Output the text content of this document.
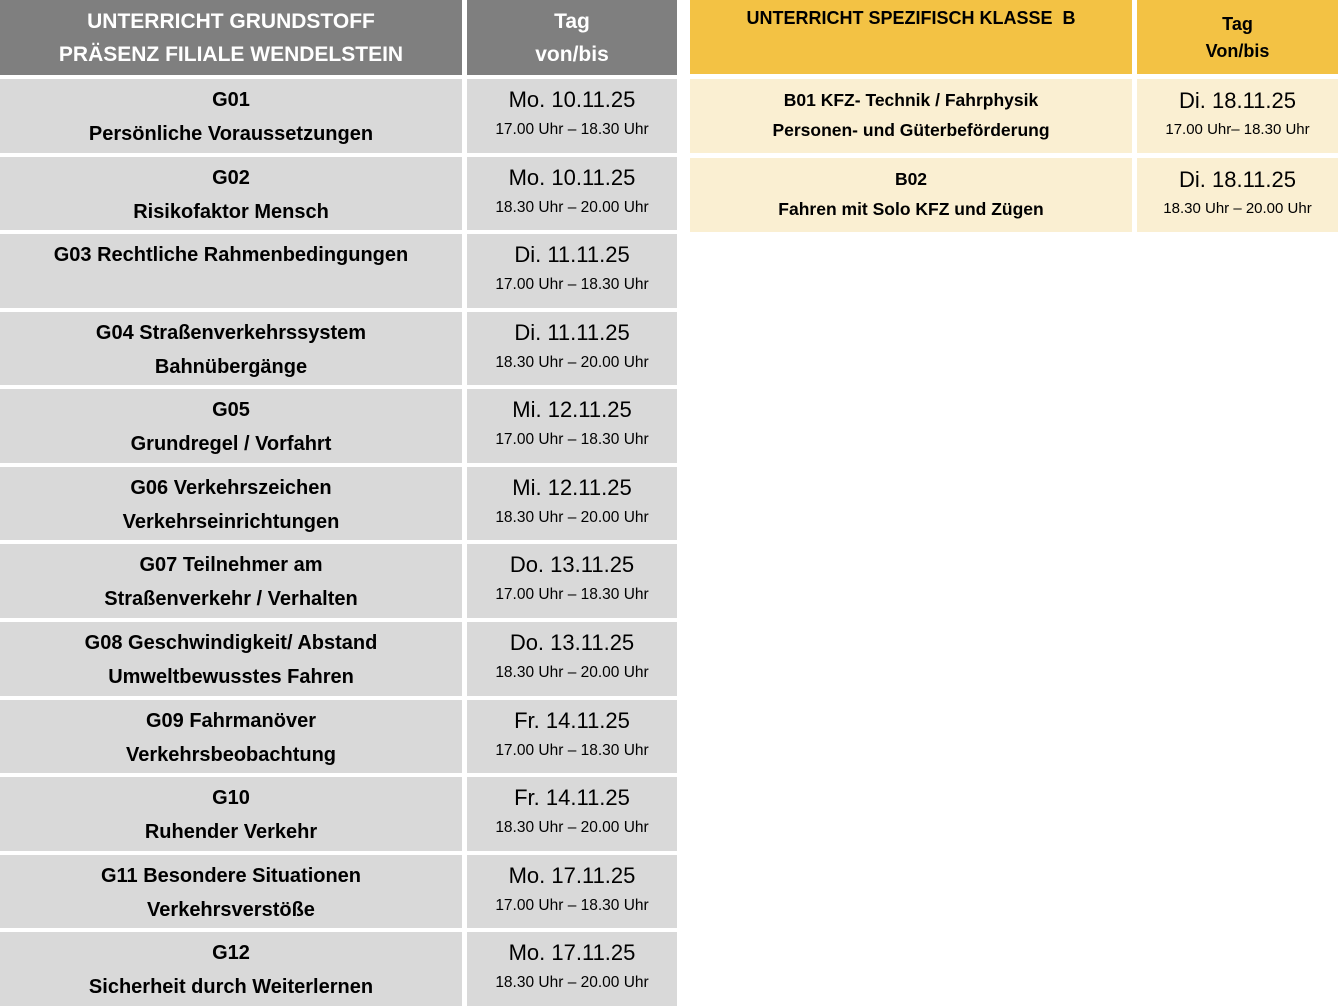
UNTERRICHT GRUNDSTOFF
PRÄSENZ FILIALE WENDELSTEIN
Tag
von/bis
G01
Persönliche Voraussetzungen
Mo. 10.11.25
17.00 Uhr – 18.30 Uhr
G02
Risikofaktor Mensch
Mo. 10.11.25
18.30 Uhr – 20.00 Uhr
G03 Rechtliche Rahmenbedingungen	Di. 11.11.25
17.00 Uhr – 18.30 Uhr
G04 Straßenverkehrssystem
Bahnübergänge
Di. 11.11.25
18.30 Uhr – 20.00 Uhr
G05
Grundregel / Vorfahrt
Mi. 12.11.25
17.00 Uhr – 18.30 Uhr
G06 Verkehrszeichen
Verkehrseinrichtungen
Mi. 12.11.25
18.30 Uhr – 20.00 Uhr
G07 Teilnehmer am
Straßenverkehr / Verhalten
Do. 13.11.25
17.00 Uhr – 18.30 Uhr
G08 Geschwindigkeit/ Abstand
Umweltbewusstes Fahren
Do. 13.11.25
18.30 Uhr – 20.00 Uhr
G09 Fahrmanöver
Verkehrsbeobachtung
Fr. 14.11.25
17.00 Uhr – 18.30 Uhr
G10
Ruhender Verkehr
Fr. 14.11.25
18.30 Uhr – 20.00 Uhr
G11 Besondere Situationen
Verkehrsverstöße
Mo. 17.11.25
17.00 Uhr – 18.30 Uhr
G12
Sicherheit durch Weiterlernen
Mo. 17.11.25
18.30 Uhr – 20.00 Uhr
UNTERRICHT SPEZIFISCH KLASSE  B	Tag
Von/bis
B01 KFZ- Technik / Fahrphysik
Personen- und Güterbeförderung
Di. 18.11.25
17.00 Uhr– 18.30 Uhr
B02
Fahren mit Solo KFZ und Zügen
Di. 18.11.25
18.30 Uhr – 20.00 Uhr
